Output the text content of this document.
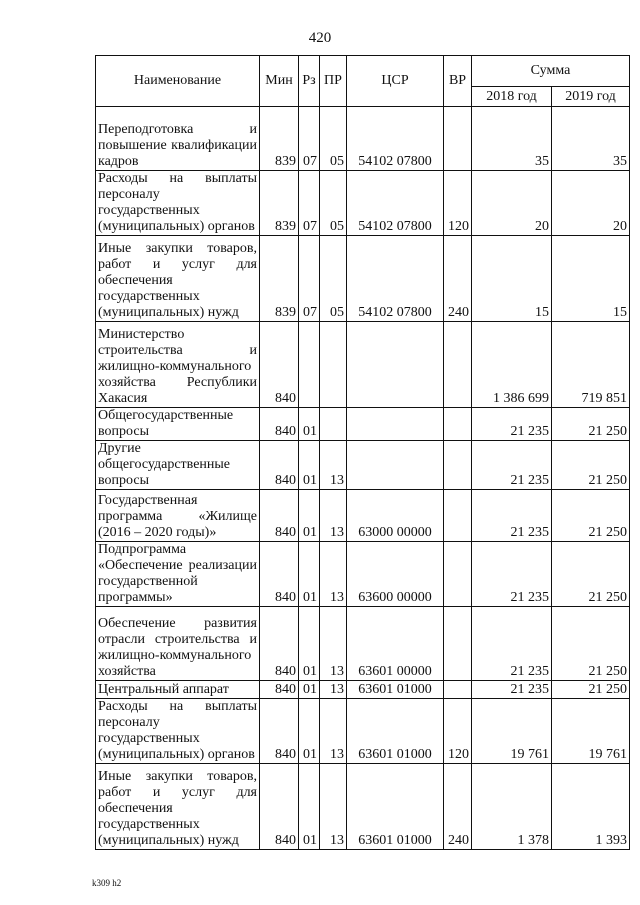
420
Наименование	Мин	Рз	ПР	ЦСР	ВР	Сумма	
						2018 год	2019 год
Переподготовка и повышение квалификации кадров	839	07	05	54102 07800		35	35
Расходы на выплаты персоналу государственных (муниципальных) органов	839	07	05	54102 07800	120	20	20
Иные закупки товаров, работ и услуг для обеспечения государственных (муниципальных) нужд	839	07	05	54102 07800	240	15	15
Министерство строительства и жилищно-коммунального хозяйства Республики Хакасия	840					1 386 699	719 851
Общегосударственные вопросы	840	01				21 235	21 250
Другие общегосударственные вопросы	840	01	13			21 235	21 250
Государственная программа «Жилище (2016 – 2020 годы)»	840	01	13	63000 00000		21 235	21 250
Подпрограмма «Обеспечение реализации государственной программы»	840	01	13	63600 00000		21 235	21 250
Обеспечение развития отрасли строительства и жилищно-коммунального хозяйства	840	01	13	63601 00000		21 235	21 250
Центральный аппарат	840	01	13	63601 01000		21 235	21 250
Расходы на выплаты персоналу государственных (муниципальных) органов	840	01	13	63601 01000	120	19 761	19 761
Иные закупки товаров, работ и услуг для обеспечения государственных (муниципальных) нужд	840	01	13	63601 01000	240	1 378	1 393
k309 h2
